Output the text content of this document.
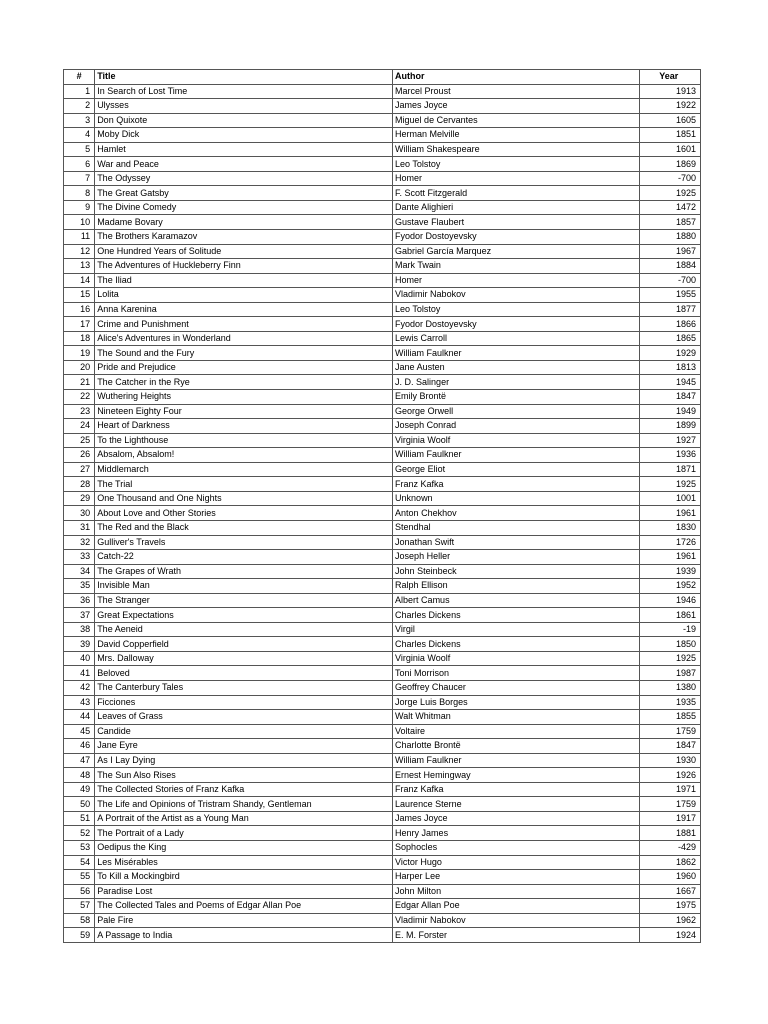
#	Title	Author	Year
1	In Search of Lost Time	Marcel Proust	1913
2	Ulysses	James Joyce	1922
3	Don Quixote	Miguel de Cervantes	1605
4	Moby Dick	Herman Melville	1851
5	Hamlet	William Shakespeare	1601
6	War and Peace	Leo Tolstoy	1869
7	The Odyssey	Homer	-700
8	The Great Gatsby	F. Scott Fitzgerald	1925
9	The Divine Comedy	Dante Alighieri	1472
10	Madame Bovary	Gustave Flaubert	1857
11	The Brothers Karamazov	Fyodor Dostoyevsky	1880
12	One Hundred Years of Solitude	Gabriel García Marquez	1967
13	The Adventures of Huckleberry Finn	Mark Twain	1884
14	The Iliad	Homer	-700
15	Lolita	Vladimir Nabokov	1955
16	Anna Karenina	Leo Tolstoy	1877
17	Crime and Punishment	Fyodor Dostoyevsky	1866
18	Alice's Adventures in Wonderland	Lewis Carroll	1865
19	The Sound and the Fury	William Faulkner	1929
20	Pride and Prejudice	Jane Austen	1813
21	The Catcher in the Rye	J. D. Salinger	1945
22	Wuthering Heights	Emily Brontë	1847
23	Nineteen Eighty Four	George Orwell	1949
24	Heart of Darkness	Joseph Conrad	1899
25	To the Lighthouse	Virginia Woolf	1927
26	Absalom, Absalom!	William Faulkner	1936
27	Middlemarch	George Eliot	1871
28	The Trial	Franz Kafka	1925
29	One Thousand and One Nights	Unknown	1001
30	About Love and Other Stories	Anton Chekhov	1961
31	The Red and the Black	Stendhal	1830
32	Gulliver's Travels	Jonathan Swift	1726
33	Catch-22	Joseph Heller	1961
34	The Grapes of Wrath	John Steinbeck	1939
35	Invisible Man	Ralph Ellison	1952
36	The Stranger	Albert Camus	1946
37	Great Expectations	Charles Dickens	1861
38	The Aeneid	Virgil	-19
39	David Copperfield	Charles Dickens	1850
40	Mrs. Dalloway	Virginia Woolf	1925
41	Beloved	Toni Morrison	1987
42	The Canterbury Tales	Geoffrey Chaucer	1380
43	Ficciones	Jorge Luis Borges	1935
44	Leaves of Grass	Walt Whitman	1855
45	Candide	Voltaire	1759
46	Jane Eyre	Charlotte Brontë	1847
47	As I Lay Dying	William Faulkner	1930
48	The Sun Also Rises	Ernest Hemingway	1926
49	The Collected Stories of Franz Kafka	Franz Kafka	1971
50	The Life and Opinions of Tristram Shandy, Gentleman	Laurence Sterne	1759
51	A Portrait of the Artist as a Young Man	James Joyce	1917
52	The Portrait of a Lady	Henry James	1881
53	Oedipus the King	Sophocles	-429
54	Les Misérables	Victor Hugo	1862
55	To Kill a Mockingbird	Harper Lee	1960
56	Paradise Lost	John Milton	1667
57	The Collected Tales and Poems of Edgar Allan Poe	Edgar Allan Poe	1975
58	Pale Fire	Vladimir Nabokov	1962
59	A Passage to India	E. M. Forster	1924
